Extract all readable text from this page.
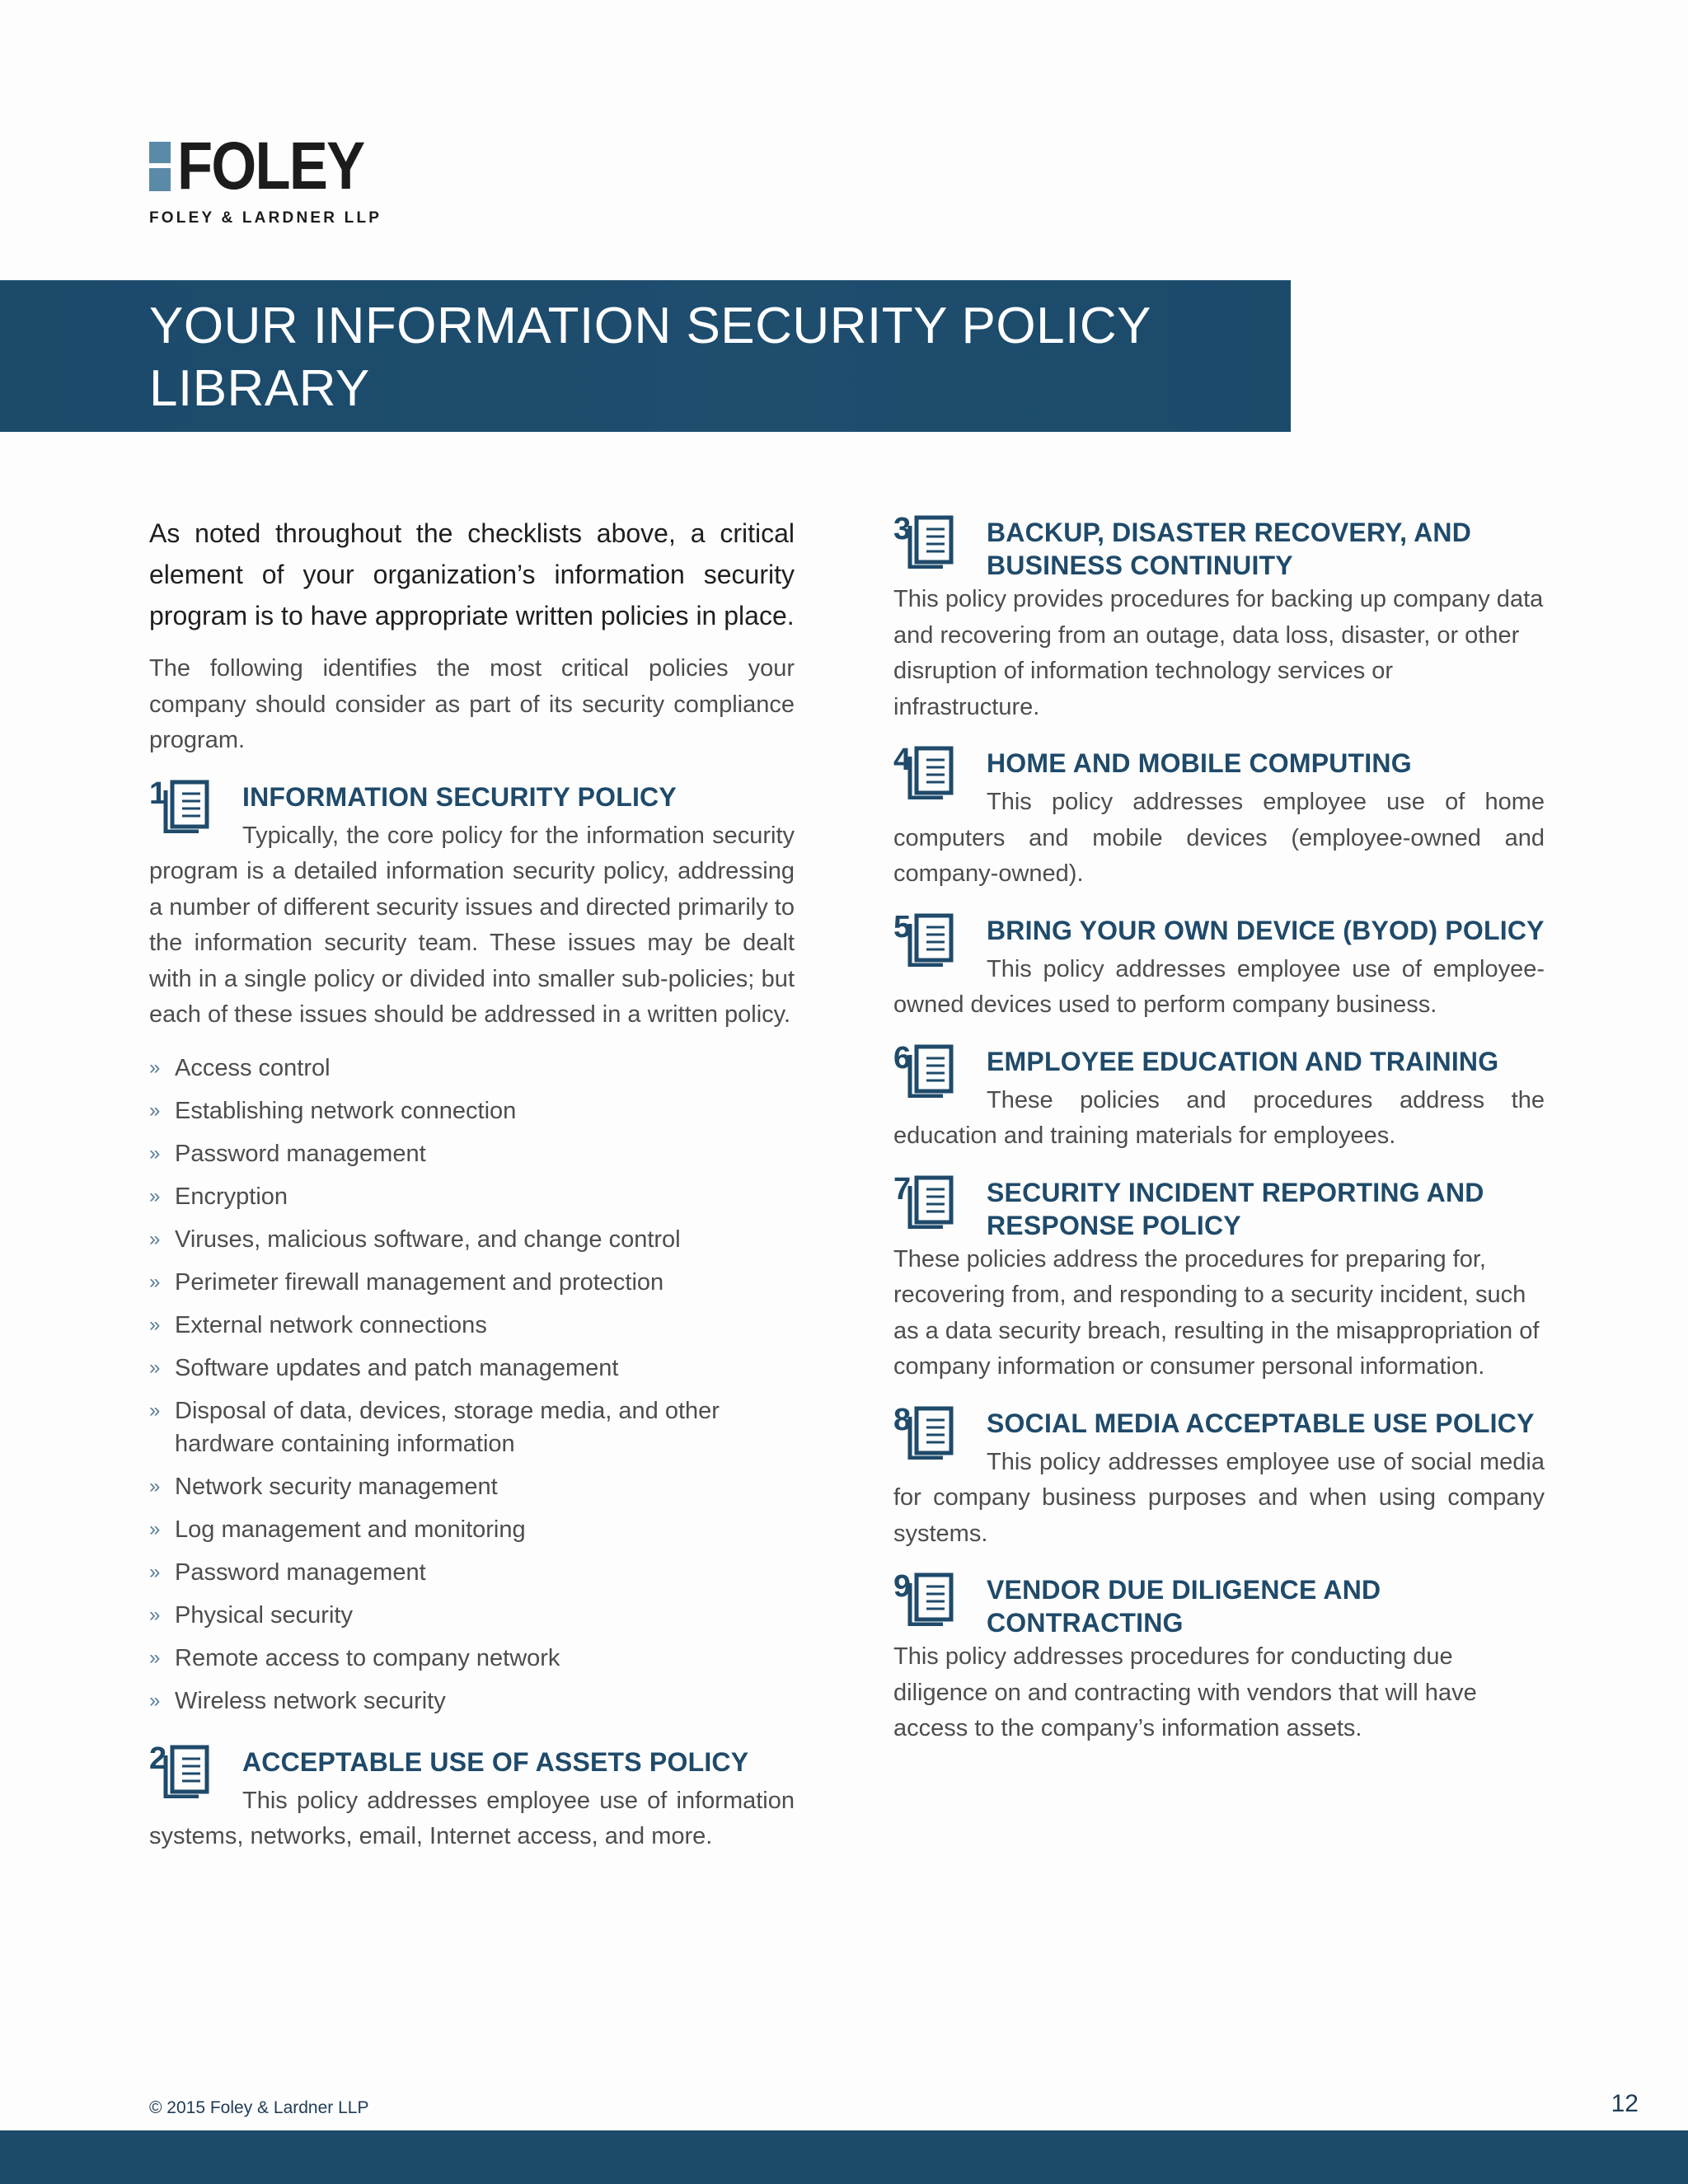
FOLEY
FOLEY & LARDNER LLP
YOUR INFORMATION SECURITY POLICY LIBRARY

As noted throughout the checklists above, a critical element of your organization’s information security program is to have appropriate written policies in place.

The following identifies the most critical policies your company should consider as part of its security compliance program.

1	INFORMATION SECURITY POLICY
Typically, the core policy for the information security program is a detailed information security policy, addressing a number of different security issues and directed primarily to the information security team. These issues may be dealt with in a single policy or divided into smaller sub-policies; but each of these issues should be addressed in a written policy.
» Access control
» Establishing network connection
» Password management
» Encryption
» Viruses, malicious software, and change control
» Perimeter firewall management and protection
» External network connections
» Software updates and patch management
» Disposal of data, devices, storage media, and other hardware containing information
» Network security management
» Log management and monitoring
» Password management
» Physical security
» Remote access to company network
» Wireless network security
2	ACCEPTABLE USE OF ASSETS POLICY
This policy addresses employee use of information systems, networks, email, Internet access, and more.
3	BACKUP, DISASTER RECOVERY, AND BUSINESS CONTINUITY
This policy provides procedures for backing up company data and recovering from an outage, data loss, disaster, or other disruption of information technology services or infrastructure.
4	HOME AND MOBILE COMPUTING
This policy addresses employee use of home computers and mobile devices (employee-owned and company-owned).
5	BRING YOUR OWN DEVICE (BYOD) POLICY
This policy addresses employee use of employee-owned devices used to perform company business.
6	EMPLOYEE EDUCATION AND TRAINING
These policies and procedures address the education and training materials for employees.
7	SECURITY INCIDENT REPORTING AND RESPONSE POLICY
These policies address the procedures for preparing for, recovering from, and responding to a security incident, such as a data security breach, resulting in the misappropriation of company information or consumer personal information.
8	SOCIAL MEDIA ACCEPTABLE USE POLICY
This policy addresses employee use of social media for company business purposes and when using company systems.
9	VENDOR DUE DILIGENCE AND CONTRACTING
This policy addresses procedures for conducting due diligence on and contracting with vendors that will have access to the company’s information assets.
© 2015 Foley & Lardner LLP	12
